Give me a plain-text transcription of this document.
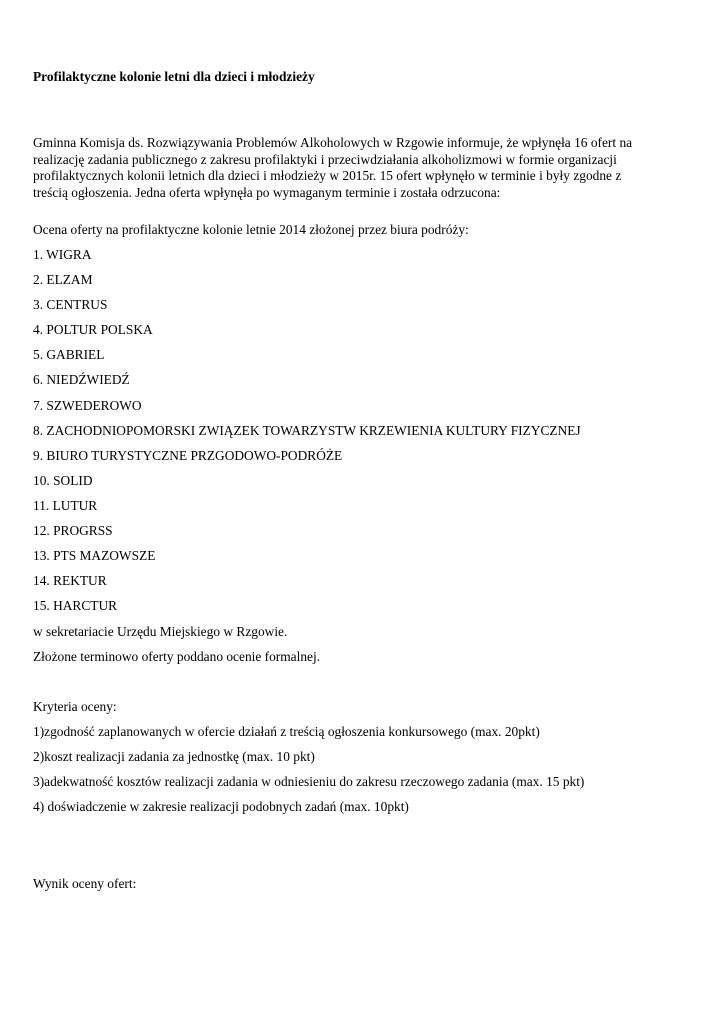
Profilaktyczne kolonie letni dla dzieci i młodzieży
Gminna Komisja ds. Rozwiązywania Problemów Alkoholowych w Rzgowie informuje, że wpłynęła 16 ofert na
realizację zadania publicznego z zakresu profilaktyki i przeciwdziałania alkoholizmowi w formie organizacji
profilaktycznych kolonii letnich dla dzieci i młodzieży w 2015r. 15 ofert wpłynęło w terminie i były zgodne z
treścią ogłoszenia. Jedna oferta wpłynęła po wymaganym terminie i została odrzucona:
Ocena oferty na profilaktyczne kolonie letnie 2014 złożonej przez biura podróży:
1. WIGRA
2. ELZAM
3. CENTRUS
4. POLTUR POLSKA
5. GABRIEL
6. NIEDŹWIEDŹ
7. SZWEDEROWO
8. ZACHODNIOPOMORSKI ZWIĄZEK TOWARZYSTW KRZEWIENIA KULTURY FIZYCZNEJ
9. BIURO TURYSTYCZNE PRZGODOWO-PODRÓŻE
10. SOLID
11. LUTUR
12. PROGRSS
13. PTS MAZOWSZE
14. REKTUR
15. HARCTUR
w sekretariacie Urzędu Miejskiego w Rzgowie.
Złożone terminowo oferty poddano ocenie formalnej.
Kryteria oceny:
1)zgodność zaplanowanych w ofercie działań z treścią ogłoszenia konkursowego (max. 20pkt)
2)koszt realizacji zadania za jednostkę (max. 10 pkt)
3)adekwatność kosztów realizacji zadania w odniesieniu do zakresu rzeczowego zadania (max. 15 pkt)
4) doświadczenie w zakresie realizacji podobnych zadań (max. 10pkt)
Wynik oceny ofert:
